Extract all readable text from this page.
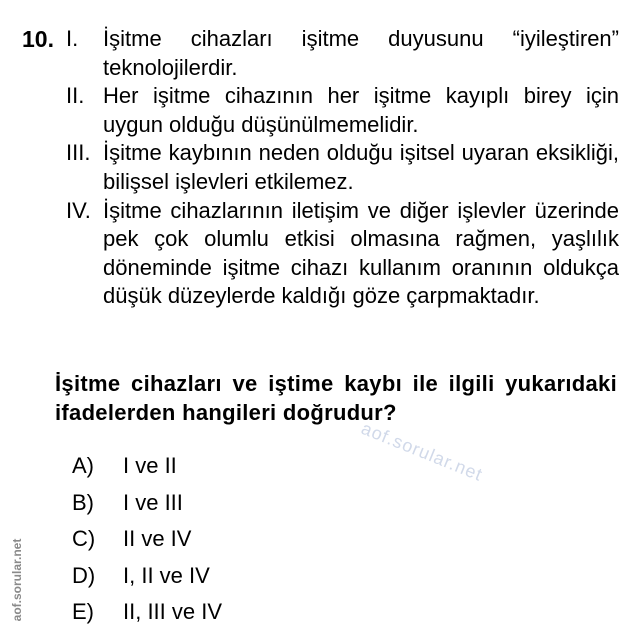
10. I.	İşitme cihazları işitme duyusunu “iyileştiren” teknolojilerdir.
II. Her işitme cihazının her işitme kayıplı birey için uygun olduğu düşünülmemelidir.
III. İşitme kaybının neden olduğu işitsel uyaran eksikliği, bilişsel işlevleri etkilemez.
IV. İşitme cihazlarının iletişim ve diğer işlevler üzerinde pek çok olumlu etkisi olmasına rağmen, yaşlılık döneminde işitme cihazı kullanım oranının oldukça düşük düzeylerde kaldığı göze çarpmaktadır.
İşitme cihazları ve iştime kaybı ile ilgili yukarıdaki ifadelerden hangileri doğrudur?
A)	I ve II
B)	I ve III
C)	II ve IV
D)	I, II ve IV
E)	II, III ve IV
aof.sorular.net
aof.sorular.net
